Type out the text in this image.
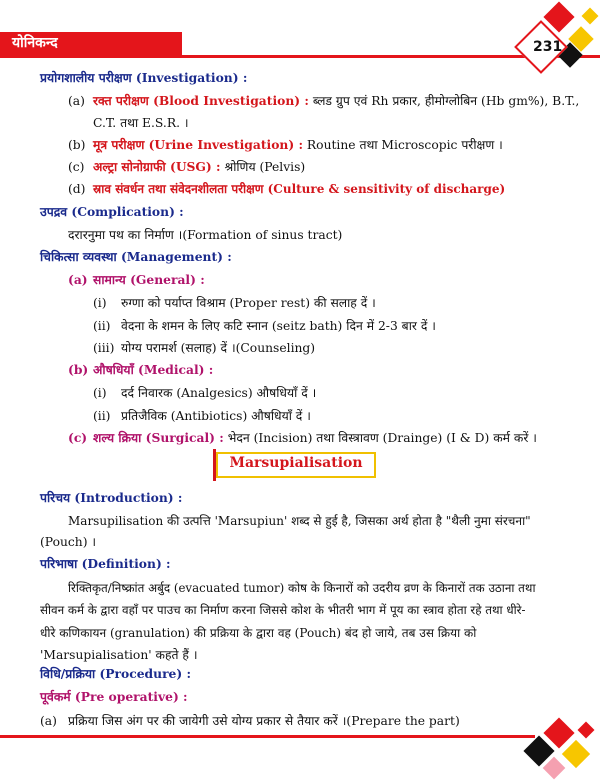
योनिकन्द	231
प्रयोगशालीय परीक्षण (Investigation) :
(a) रक्त परीक्षण (Blood Investigation) : ब्लड ग्रुप एवं Rh प्रकार, हीमोग्लोबिन (Hb gm%), B.T.,
C.T. तथा E.S.R. ।
(b) मूत्र परीक्षण (Urine Investigation) : Routine तथा Microscopic परीक्षण ।
(c) अल्ट्रा सोनोग्राफी (USG) : श्रोणिय (Pelvis)
(d) स्राव संवर्धन तथा संवेदनशीलता परीक्षण (Culture & sensitivity of discharge)
उपद्रव (Complication) :
दरारनुमा पथ का निर्माण ।(Formation of sinus tract)
चिकित्सा व्यवस्था (Management) :
(a) सामान्य (General) :
(i) रुग्णा को पर्याप्त विश्राम (Proper rest) की सलाह दें ।
(ii) वेदना के शमन के लिए कटि स्नान (seitz bath) दिन में 2-3 बार दें ।
(iii) योग्य परामर्श (सलाह) दें ।(Counseling)
(b) औषधियाँ (Medical) :
(i) दर्द निवारक (Analgesics) औषधियाँ दें ।
(ii) प्रतिजैविक (Antibiotics) औषधियाँ दें ।
(c) शल्य क्रिया (Surgical) : भेदन (Incision) तथा विस्त्रावण (Drainge) (I & D) कर्म करें ।
Marsupialisation
परिचय (Introduction) :
Marsupilisation की उत्पत्ति 'Marsupiun' शब्द से हुई है, जिसका अर्थ होता है "थैली नुमा संरचना"
(Pouch) ।
परिभाषा (Definition) :
रिक्तिकृत/निष्क्रांत अर्बुद (evacuated tumor) कोष के किनारों को उदरीय व्रण के किनारों तक उठाना तथा
सीवन कर्म के द्वारा वहाँ पर पाउच का निर्माण करना जिससे कोश के भीतरी भाग में पूय का स्त्राव होता रहे तथा धीरे-
धीरे कणिकायन (granulation) की प्रक्रिया के द्वारा वह (Pouch) बंद हो जाये, तब उस क्रिया को
'Marsupialisation' कहते हैं ।
विधि/प्रक्रिया (Procedure) :
पूर्वकर्म (Pre operative) :
(a) प्रक्रिया जिस अंग पर की जायेगी उसे योग्य प्रकार से तैयार करें ।(Prepare the part)
